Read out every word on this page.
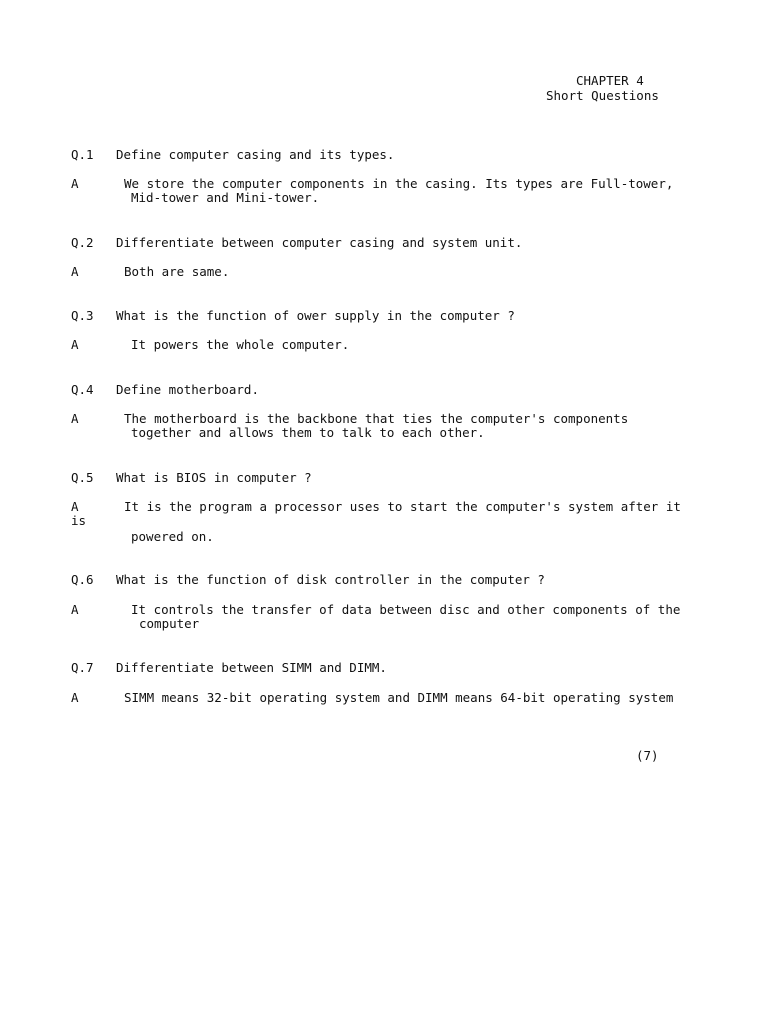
CHAPTER 4
Short Questions
Q.1 Define computer casing and its types.
A	We store the computer components in the casing. Its types are Full-tower,
Mid-tower and Mini-tower.
Q.2 Differentiate between computer casing and system unit.
A	Both are same.
Q.3 What is the function of ower supply in the computer ?
A	It powers the whole computer.
Q.4 Define motherboard.
A	The motherboard is the backbone that ties the computer's components
together and allows them to talk to each other.
Q.5 What is BIOS in computer ?
A	It is the program a processor uses to start the computer's system after it
is
powered on.
Q.6 What is the function of disk controller in the computer ?
A	It controls the transfer of data between disc and other components of the
computer
Q.7 Differentiate between SIMM and DIMM.
A	SIMM means 32-bit operating system and DIMM means 64-bit operating system
(7)
